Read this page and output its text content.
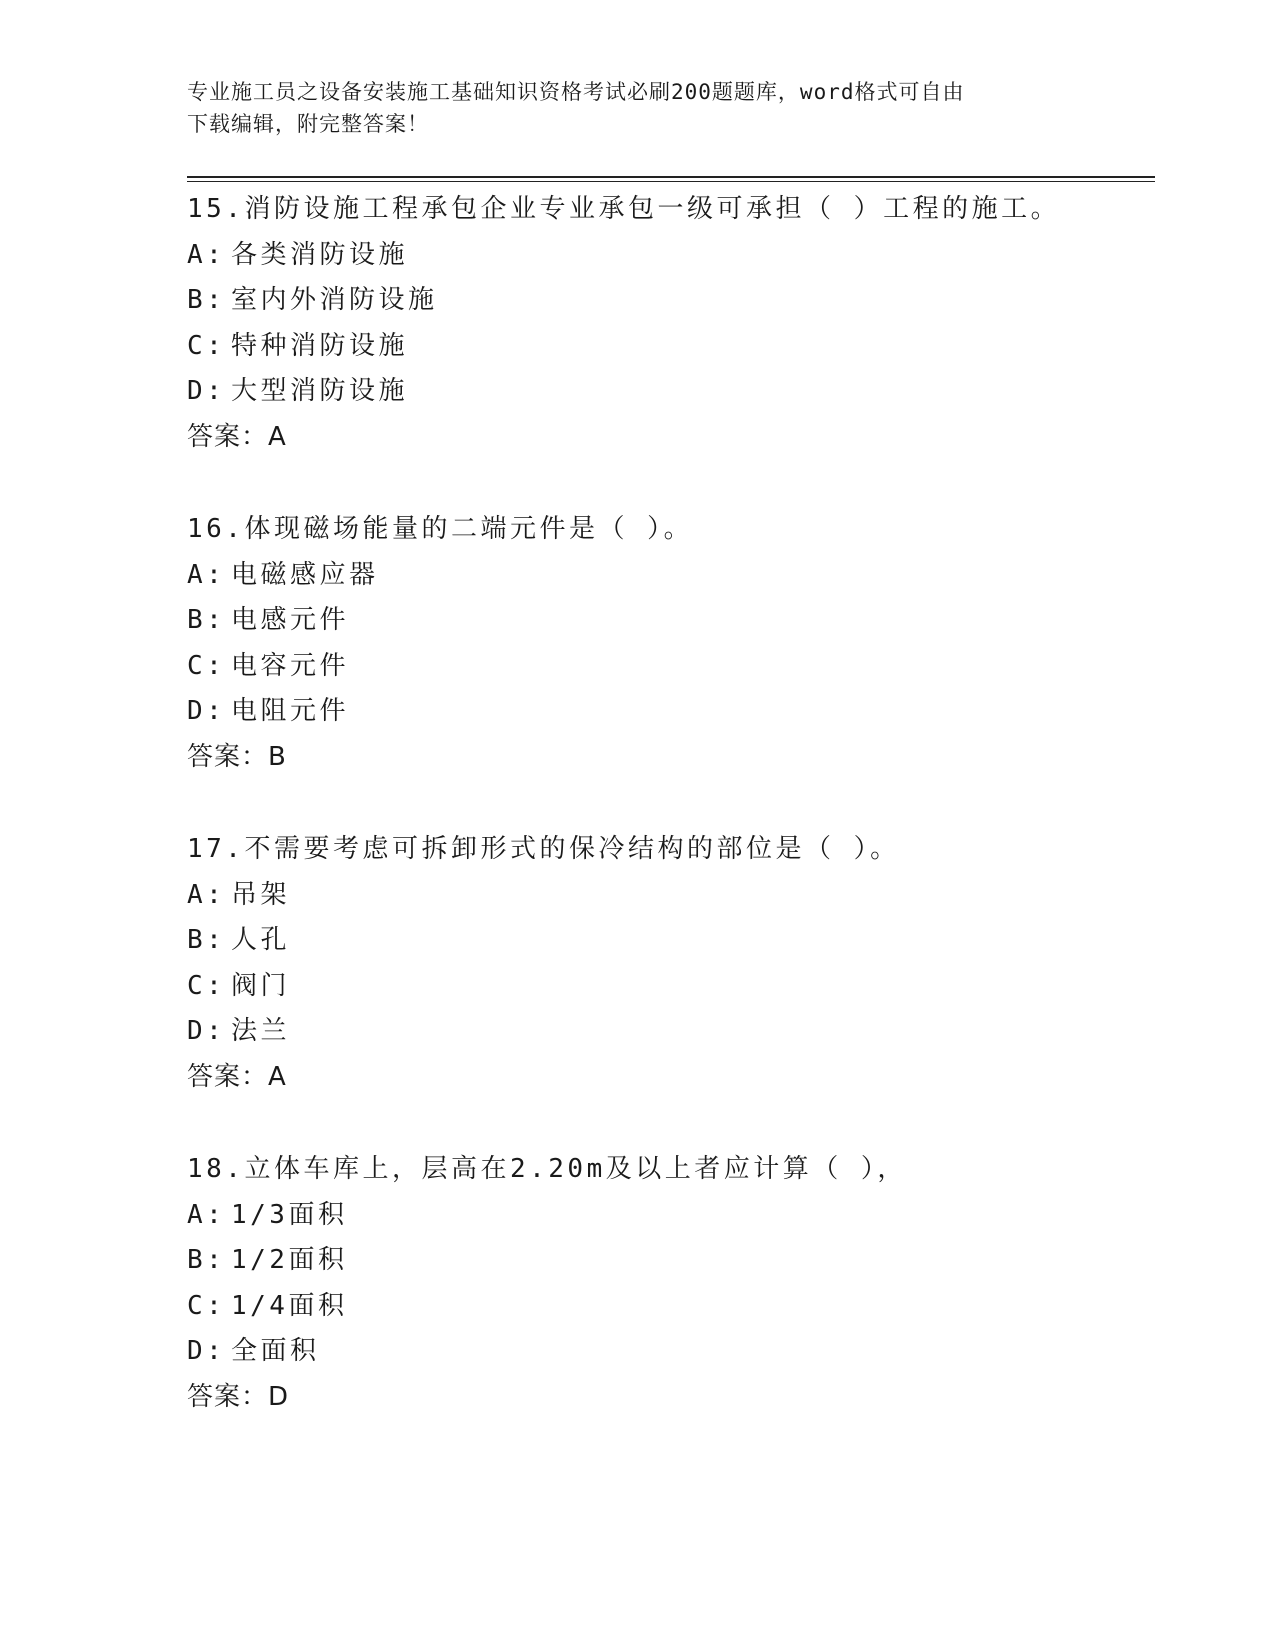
专业施工员之设备安装施工基础知识资格考试必刷200题题库，word格式可自由
下载编辑，附完整答案！
15.消防设施工程承包企业专业承包一级可承担（ ）工程的施工。
A: 各类消防设施
B: 室内外消防设施
C: 特种消防设施
D: 大型消防设施
答案：A
16.体现磁场能量的二端元件是（ ）。
A: 电磁感应器
B: 电感元件
C: 电容元件
D: 电阻元件
答案：B
17.不需要考虑可拆卸形式的保冷结构的部位是（ ）。
A: 吊架
B: 人孔
C: 阀门
D: 法兰
答案：A
18.立体车库上，层高在2.20m及以上者应计算（ ），
A: 1/3面积
B: 1/2面积
C: 1/4面积
D: 全面积
答案：D
